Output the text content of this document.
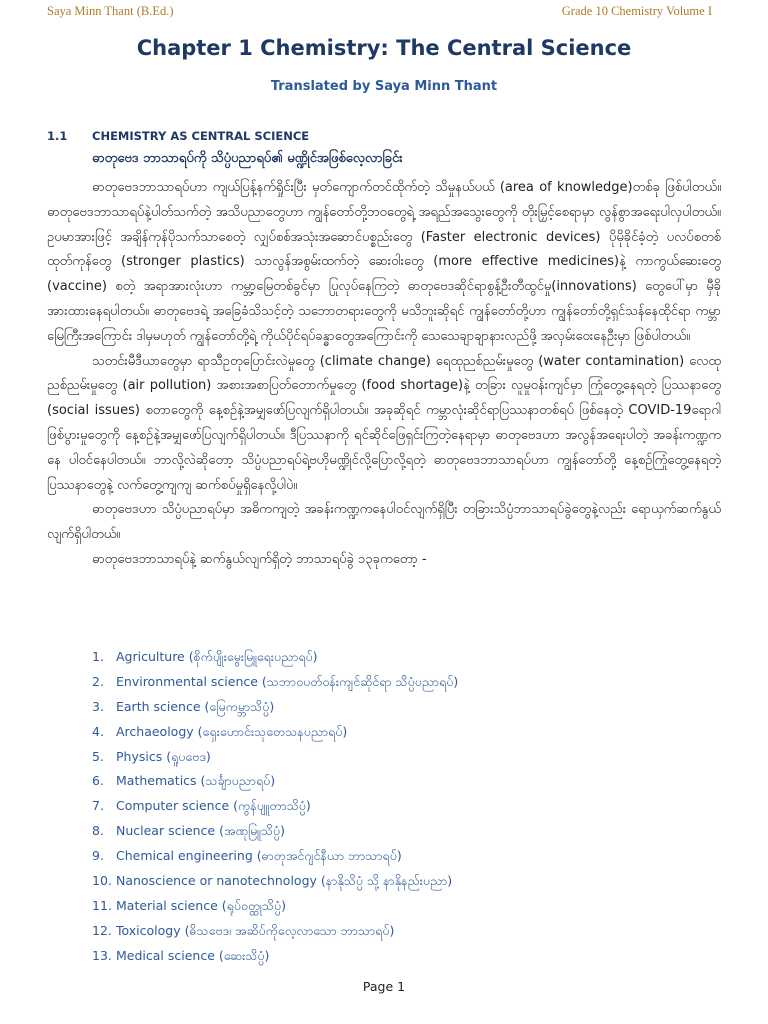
Saya Minn Thant (B.Ed.)	Grade 10 Chemistry Volume I
Chapter 1 Chemistry: The Central Science
Translated by Saya Minn Thant
1.1 CHEMISTRY AS CENTRAL SCIENCE
ဓာတုဗေဒ ဘာသာရပ်ကို သိပ္ပံပညာရပ်၏ မဏ္ဍိုင်အဖြစ်လေ့လာခြင်း

ဓာတုဗေဒဘာသာရပ်ဟာ ကျယ်ပြန့်နက်ရှိုင်းပြီး မှတ်ကျောက်တင်ထိုက်တဲ့ သိမှုနယ်ပယ် (area of knowledge)တစ်ခု ဖြစ်ပါတယ်။ ဓာတုဗေဒဘာသာရပ်နဲ့ပါတ်သက်တဲ့ အသိပညာတွေဟာ ကျွန်တော်တို့ဘဝတွေရဲ့ အရည်အသွေးတွေကို တိုးမြှင့်စေရာမှာ လွန်စွာအရေးပါလှပါတယ်။ ဥပမာအားဖြင့် အချိန်ကုန်ပိုသက်သာစေတဲ့ လျှပ်စစ်အသုံးအဆောင်ပစ္စည်းတွေ (Faster electronic devices) ပိုမိုခိုင်ခံ့တဲ့ ပလပ်စတစ်ထုတ်ကုန်တွေ (stronger plastics) သာလွန်အစွမ်းထက်တဲ့ ဆေးဝါးတွေ (more effective medicines)နဲ့ ကာကွယ်ဆေးတွေ (vaccine) စတဲ့ အရာအားလုံးဟာ ကမ္ဘာ့မြေတစ်ခွင်မှာ ပြုလုပ်နေကြတဲ့ ဓာတုဗေဒဆိုင်ရာစွန့်ဦးတီထွင်မှု(innovations) တွေပေါ်မှာ မှီခိုအားထားနေရပါတယ်။ ဓာတုဗေဒရဲ့ အခြေခံသိသင့်တဲ့ သဘောတရားတွေကို မသိဘူးဆိုရင် ကျွန်တော်တို့ဟာ ကျွန်တော်တို့ရှင်သန်နေထိုင်ရာ ကမ္ဘာမြေကြီးအကြောင်း ဒါမှမဟုတ် ကျွန်တော်တို့ရဲ့ ကိုယ်ပိုင်ရပ်ခန္ဓာတွေအကြောင်းကို သေသေချာချာနားလည်ဖို့ အလှမ်းဝေးနေဦးမှာ ဖြစ်ပါတယ်။

သတင်းမီဒီယာတွေမှာ ရာသီဥတုပြောင်းလဲမှုတွေ (climate change) ရေထုညစ်ညမ်းမှုတွေ (water contamination) လေထုညစ်ညမ်းမှုတွေ (air pollution) အစားအစာပြတ်တောက်မှုတွေ (food shortage)နဲ့ တခြား လူမှုဝန်းကျင်မှာ ကြုံတွေ့နေရတဲ့ ပြဿနာတွေ (social issues) စတာတွေကို နေ့စဉ်နဲ့အမျှဖော်ပြလျက်ရှိပါတယ်။ အခုဆိုရင် ကမ္ဘာလုံးဆိုင်ရာပြဿနာတစ်ရပ် ဖြစ်နေတဲ့ COVID-19ရောဂါဖြစ်ပွားမှုတွေကို နေ့စဉ်နဲ့အမျှဖော်ပြလျက်ရှိပါတယ်။ ဒီပြဿနာကို ရင်ဆိုင်ဖြေရှင်းကြတဲ့နေရာမှာ ဓာတုဗေဒဟာ အလွန်အရေးပါတဲ့ အခန်းကဏ္ဍကနေ ပါဝင်နေပါတယ်။ ဘာလို့လဲဆိုတော့ သိပ္ပံပညာရပ်ရဲ့ဗဟိုမဏ္ဍိုင်လို့ပြောလို့ရတဲ့ ဓာတုဗေဒဘာသာရပ်ဟာ ကျွန်တော်တို့ နေ့စဉ်ကြုံတွေ့နေရတဲ့ ပြဿနာတွေနဲ့ လက်တွေ့ကျကျ ဆက်စပ်မှုရှိနေလို့ပါပဲ။

ဓာတုဗေဒဟာ သိပ္ပံပညာရပ်မှာ အဓိကကျတဲ့ အခန်းကဏ္ဍကနေပါဝင်လျက်ရှိပြီး တခြားသိပ္ပံဘာသာရပ်ခွဲတွေနဲ့လည်း ရောယှက်ဆက်နွယ်လျက်ရှိပါတယ်။

ဓာတုဗေဒဘာသာရပ်နဲ့ ဆက်နွယ်လျက်ရှိတဲ့ ဘာသာရပ်ခွဲ ၁၃ခုကတော့ -

1. Agriculture (စိုက်ပျိုးမွေးမြူရေးပညာရပ်)
2. Environmental science (သဘာဝပတ်ဝန်းကျင်ဆိုင်ရာ သိပ္ပံပညာရပ်)
3. Earth science (မြေကမ္ဘာသိပ္ပံ)
4. Archaeology (ရှေးဟောင်းသုတေသနပညာရပ်)
5. Physics (ရူပဗေဒ)
6. Mathematics (သင်္ချာပညာရပ်)
7. Computer science (ကွန်ပျူတာသိပ္ပံ)
8. Nuclear science (အဏုမြူသိပ္ပံ)
9. Chemical engineering (ဓာတုအင်ဂျင်နီယာ ဘာသာရပ်)
10. Nanoscience or nanotechnology (နာနိုသိပ္ပံ သို့ နာနိုနည်းပညာ)
11. Material science (ရုပ်ဝတ္ထုသိပ္ပံ)
12. Toxicology (ဓိသဗေဒ၊ အဆိပ်ကိုလေ့လာသော ဘာသာရပ်)
13. Medical science (ဆေးသိပ္ပံ)
Page 1
